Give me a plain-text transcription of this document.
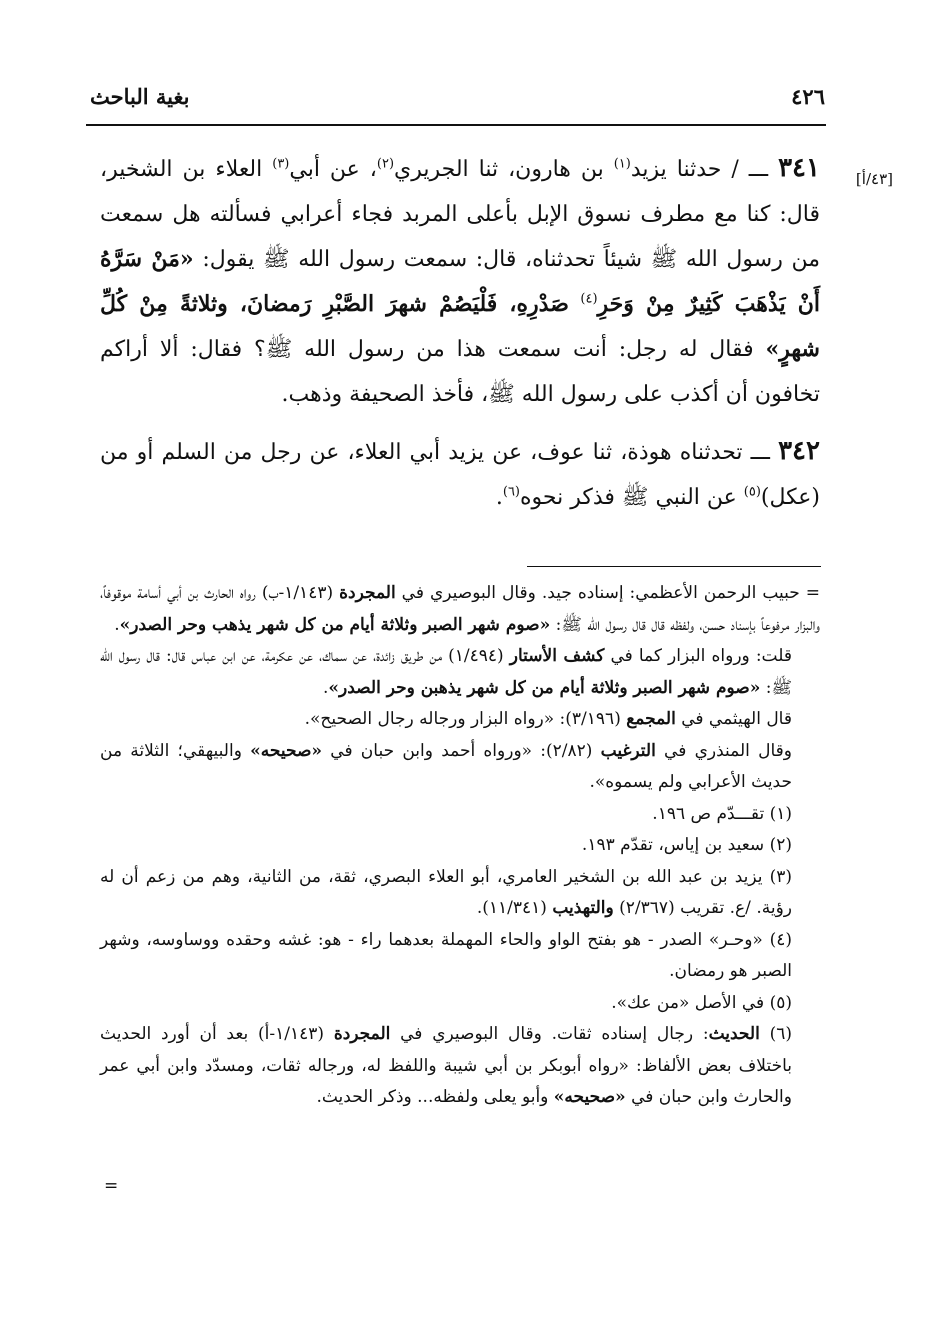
بغية الباحث	٤٢٦
[٤٣/أ]

٣٤١ ـــ / حدثنا يزيد$^{(١)}$ بن هارون، ثنا الجريري$^{(٢)}$، عن أبي$^{(٣)}$ العلاء بن الشخير، قال: كنا مع مطرف نسوق الإبل بأعلى المربد فجاء أعرابي فسألته هل سمعت من رسول الله ﷺ شيئاً تحدثناه، قال: سمعت رسول الله ﷺ يقول: «مَنْ سَرَّهُ أَنْ يَذْهَبَ كَثِيرٌ مِنْ وَحَرِ$^{(٤)}$ صَدْرِهِ، فَلْيَصُمْ شهرَ الصَّبْرِ رَمضانَ، وثلاثةً مِنْ كُلِّ شهرٍ» فقال له رجل: أنت سمعت هذا من رسول الله ﷺ؟ فقال: ألا أراكم تخافون أن أكذب على رسول الله ﷺ، فأخذ الصحيفة وذهب.

٣٤٢ ـــ تحدثناه هوذة، ثنا عوف، عن يزيد أبي العلاء، عن رجل من السلم أو من (عكل)$^{(٥)}$ عن النبي ﷺ فذكر نحوه$^{(٦)}$.

= حبيب الرحمن الأعظمي: إسناده جيد. وقال البوصيري في المجردة (١/١٤٣-ب) رواه الحارث بن أبي أسامة موقوفاً، والبزار مرفوعاً بإسناد حسن، ولفظه قال قال رسول الله ﷺ: «صوم شهر الصبر وثلاثة أيام من كل شهر يذهب وحر الصدر».

قلت: ورواه البزار كما في كشف الأستار (١/٤٩٤) من طريق زائدة، عن سماك، عن عكرمة، عن ابن عباس قال: قال رسول الله ﷺ: «صوم شهر الصبر وثلاثة أيام من كل شهر يذهبن وحر الصدر».

قال الهيثمي في المجمع (٣/١٩٦): «رواه البزار ورجاله رجال الصحيح».

وقال المنذري في الترغيب (٢/٨٢): «ورواه أحمد وابن حبان في «صحيحه» والبيهقي؛ الثلاثة من حديث الأعرابي ولم يسموه».

(١) تقـــدّم ص ١٩٦.

(٢) سعيد بن إياس، تقدّم ١٩٣.

(٣) يزيد بن عبد الله بن الشخير العامري، أبو العلاء البصري، ثقة، من الثانية، وهم من زعم أن له رؤية. /ع. تقريب (٢/٣٦٧) والتهذيب (١١/٣٤١).

(٤) «وحـر» الصدر - هو بفتح الواو والحاء المهملة بعدهما راء - هو: غشه وحقده ووساوسه، وشهر الصبر هو رمضان.

(٥) في الأصل «من عك».

(٦) الحديث: رجال إسناده ثقات. وقال البوصيري في المجردة (١/١٤٣-أ) بعد أن أورد الحديث باختلاف بعض الألفاظ: «رواه أبوبكر بن أبي شيبة واللفظ له، ورجاله ثقات، ومسدّد وابن أبي عمر والحارث وابن حبان في «صحيحه» وأبو يعلى ولفظه... وذكر الحديث.

=
